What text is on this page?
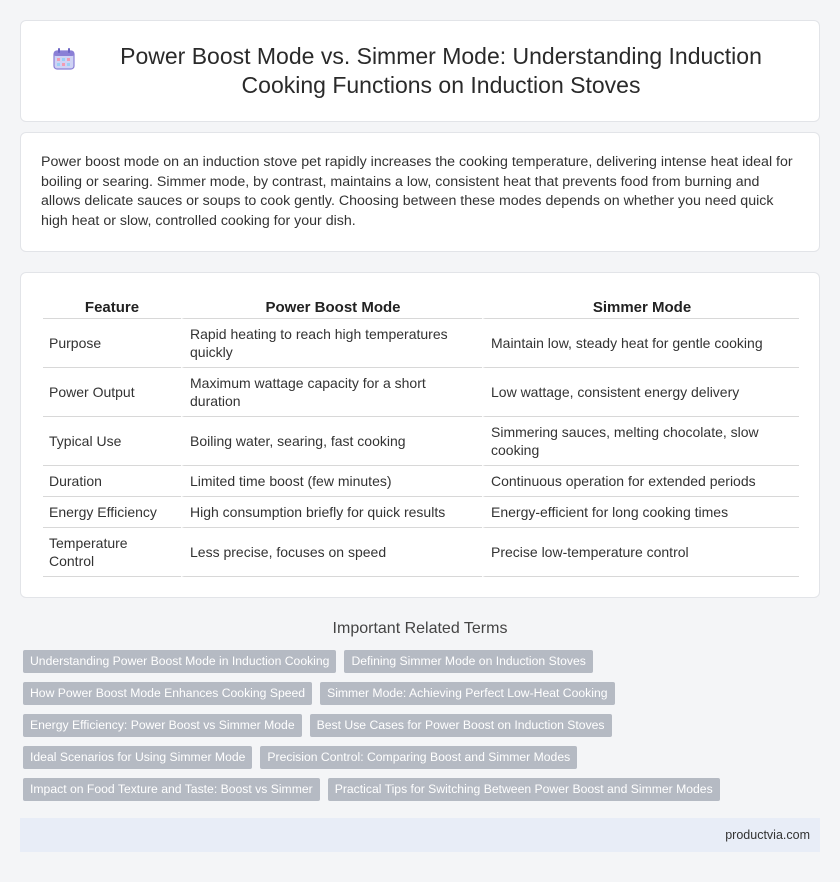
Power Boost Mode vs. Simmer Mode: Understanding Induction Cooking Functions on Induction Stoves

Power boost mode on an induction stove pet rapidly increases the cooking temperature, delivering intense heat ideal for boiling or searing. Simmer mode, by contrast, maintains a low, consistent heat that prevents food from burning and allows delicate sauces or soups to cook gently. Choosing between these modes depends on whether you need quick high heat or slow, controlled cooking for your dish.

Feature	Power Boost Mode	Simmer Mode
Purpose	Rapid heating to reach high temperatures quickly	Maintain low, steady heat for gentle cooking
Power Output	Maximum wattage capacity for a short duration	Low wattage, consistent energy delivery
Typical Use	Boiling water, searing, fast cooking	Simmering sauces, melting chocolate, slow cooking
Duration	Limited time boost (few minutes)	Continuous operation for extended periods
Energy Efficiency	High consumption briefly for quick results	Energy-efficient for long cooking times
Temperature Control	Less precise, focuses on speed	Precise low-temperature control
Important Related Terms
Understanding Power Boost Mode in Induction Cooking	Defining Simmer Mode on Induction Stoves
How Power Boost Mode Enhances Cooking Speed	Simmer Mode: Achieving Perfect Low-Heat Cooking
Energy Efficiency: Power Boost vs Simmer Mode	Best Use Cases for Power Boost on Induction Stoves
Ideal Scenarios for Using Simmer Mode	Precision Control: Comparing Boost and Simmer Modes
Impact on Food Texture and Taste: Boost vs Simmer	Practical Tips for Switching Between Power Boost and Simmer Modes
productvia.com
